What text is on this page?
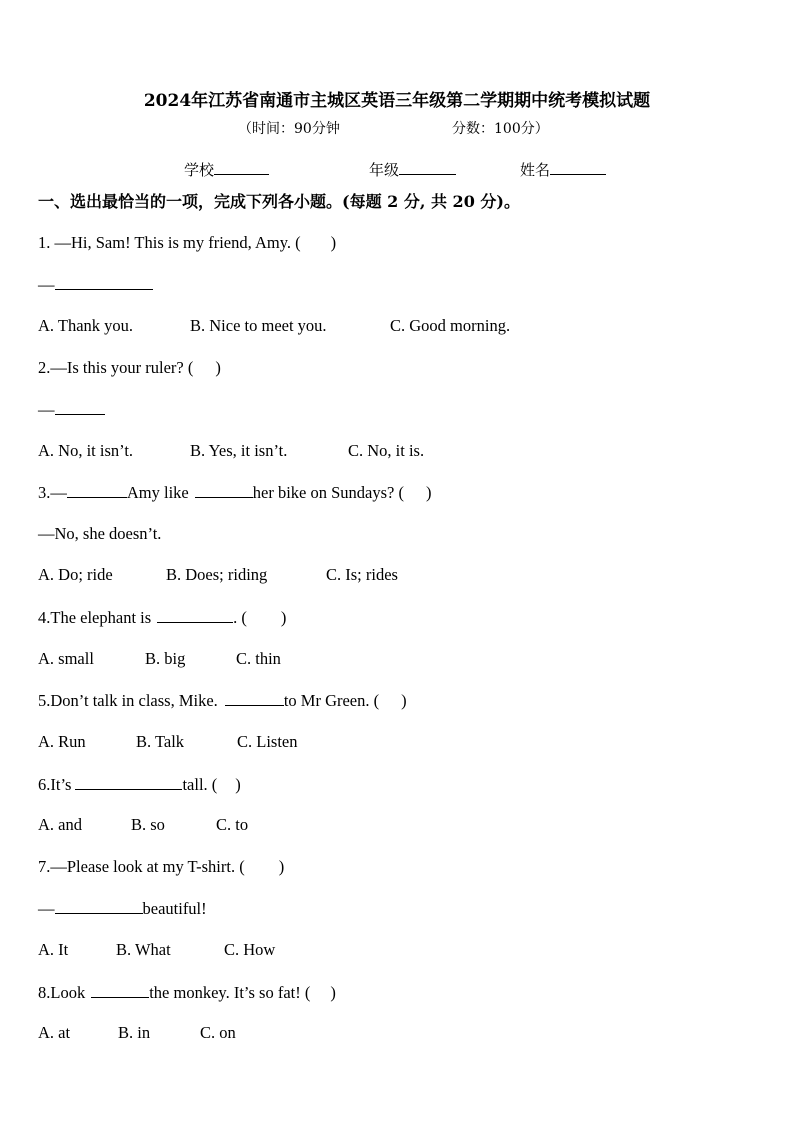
2024年江苏省南通市主城区英语三年级第二学期期中统考模拟试题
（时间：90分钟	分数：100分）
学校	年级	姓名
一、选出最恰当的一项，完成下列各小题。(每题 2 分, 共 20 分)。
1. —Hi, Sam! This is my friend, Amy. ( )
—
A. Thank you.	B. Nice to meet you.	C. Good morning.
2.—Is this your ruler? ( )
—
A. No, it isn’t.	B. Yes, it isn’t.	C. No, it is.
3.—	Amy like	her bike on Sundays? ( )
—No, she doesn’t.
A. Do; ride	B. Does; riding	C. Is; rides
4.The elephant is	. ( )
A. small	B. big	C. thin
5.Don’t talk in class, Mike.	to Mr Green. ( )
A. Run	B. Talk	C. Listen
6.It’s	tall. ( )
A. and	B. so	C. to
7.—Please look at my T-shirt. ( )
—	beautiful!
A. It	B. What	C. How
8.Look	the monkey. It’s so fat! ( )
A. at	B. in	C. on
